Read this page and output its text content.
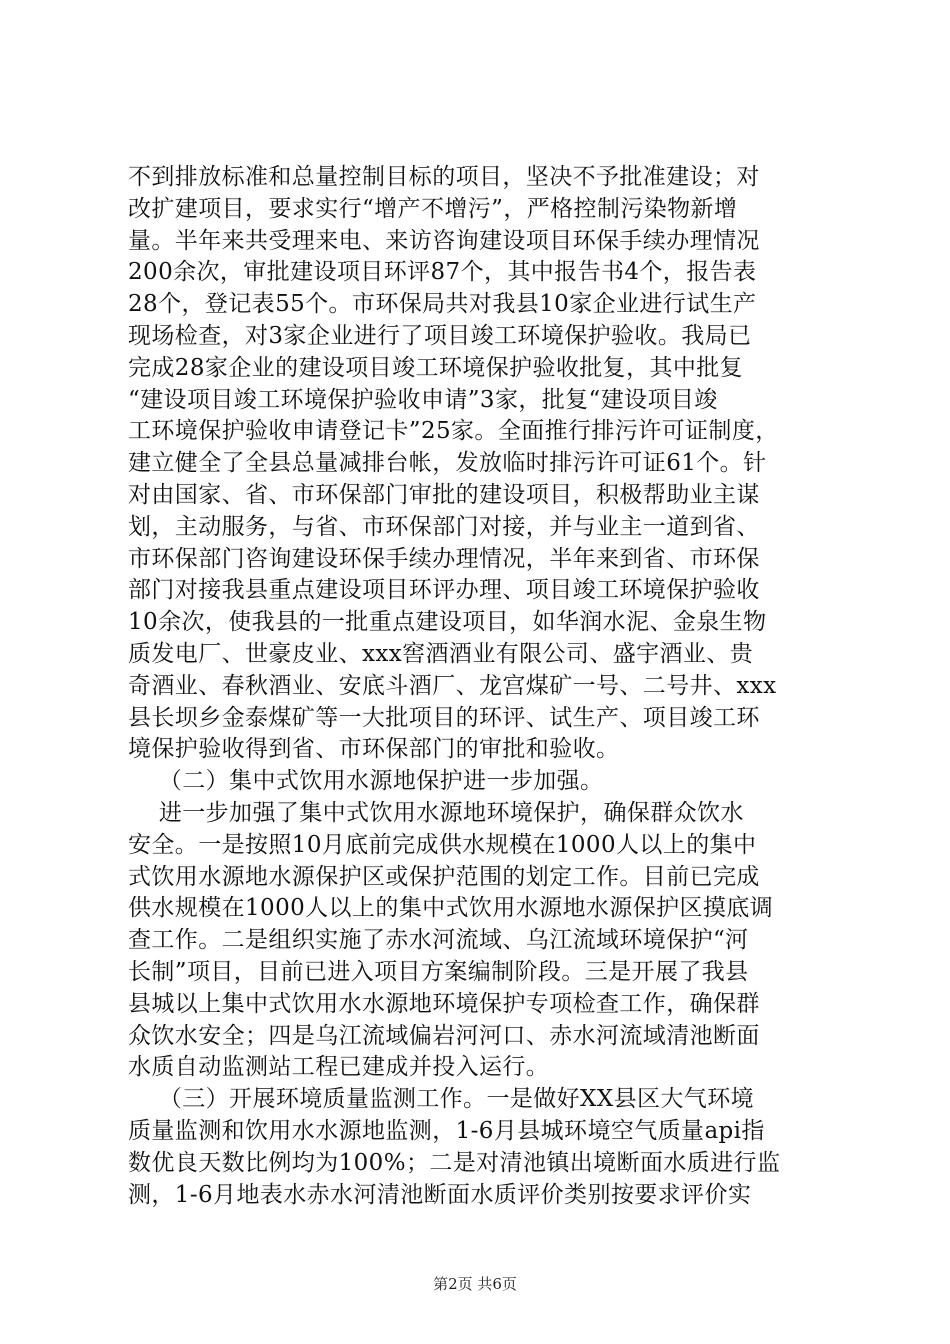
不到排放标准和总量控制目标的项目，坚决不予批准建设；对
改扩建项目，要求实行“增产不增污”，严格控制污染物新增
量。半年来共受理来电、来访咨询建设项目环保手续办理情况
200余次，审批建设项目环评87个，其中报告书4个，报告表
28个，登记表55个。市环保局共对我县10家企业进行试生产
现场检查，对3家企业进行了项目竣工环境保护验收。我局已
完成28家企业的建设项目竣工环境保护验收批复，其中批复
“建设项目竣工环境保护验收申请”3家，批复“建设项目竣
工环境保护验收申请登记卡”25家。全面推行排污许可证制度，
建立健全了全县总量减排台帐，发放临时排污许可证61个。针
对由国家、省、市环保部门审批的建设项目，积极帮助业主谋
划，主动服务，与省、市环保部门对接，并与业主一道到省、
市环保部门咨询建设环保手续办理情况，半年来到省、市环保
部门对接我县重点建设项目环评办理、项目竣工环境保护验收
10余次，使我县的一批重点建设项目，如华润水泥、金泉生物
质发电厂、世豪皮业、xxx窖酒酒业有限公司、盛宇酒业、贵
奇酒业、春秋酒业、安底斗酒厂、龙宫煤矿一号、二号井、xxx
县长坝乡金泰煤矿等一大批项目的环评、试生产、项目竣工环
境保护验收得到省、市环保部门的审批和验收。
（二）集中式饮用水源地保护进一步加强。
进一步加强了集中式饮用水源地环境保护，确保群众饮水
安全。一是按照10月底前完成供水规模在1000人以上的集中
式饮用水源地水源保护区或保护范围的划定工作。目前已完成
供水规模在1000人以上的集中式饮用水源地水源保护区摸底调
查工作。二是组织实施了赤水河流域、乌江流域环境保护“河
长制”项目，目前已进入项目方案编制阶段。三是开展了我县
县城以上集中式饮用水水源地环境保护专项检查工作，确保群
众饮水安全；四是乌江流域偏岩河河口、赤水河流域清池断面
水质自动监测站工程已建成并投入运行。
（三）开展环境质量监测工作。一是做好XX县区大气环境
质量监测和饮用水水源地监测，1-6月县城环境空气质量api指
数优良天数比例均为100%；二是对清池镇出境断面水质进行监
测，1-6月地表水赤水河清池断面水质评价类别按要求评价实
第2页 共6页
